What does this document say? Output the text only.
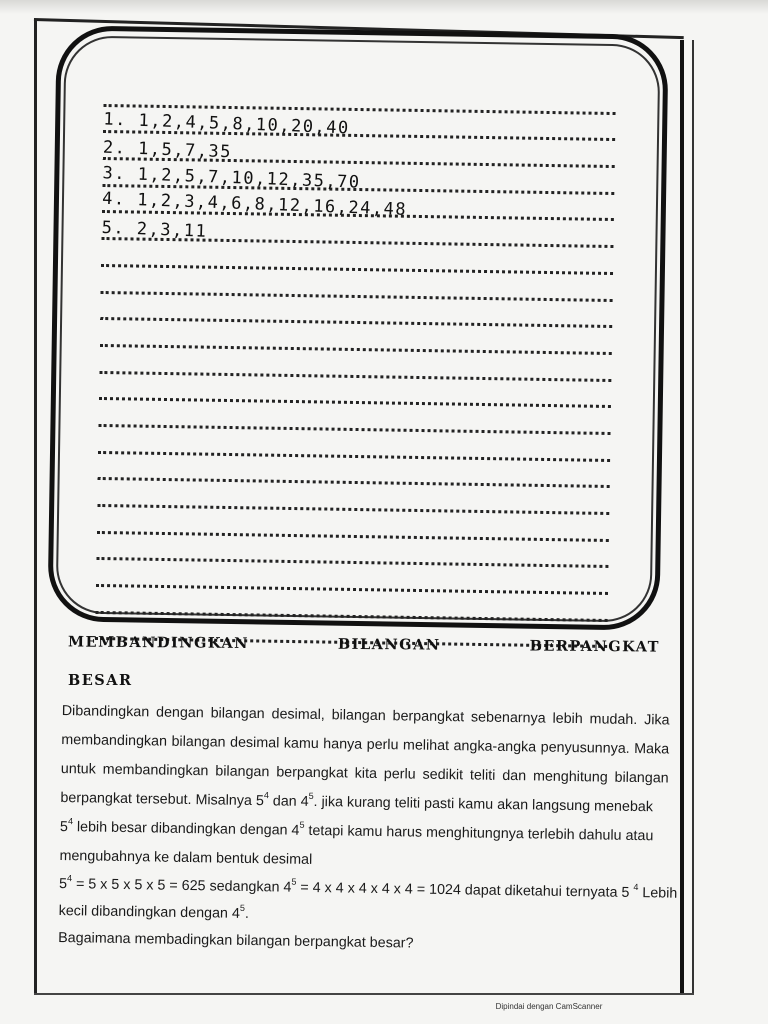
1. 1,2,4,5,8,10,20,40
2. 1,5,7,35
3. 1,2,5,7,10,12,35,70
4. 1,2,3,4,6,8,12,16,24,48
5. 2,3,11
MEMBANDINGKAN	BILANGAN	BERPANGKAT
BESAR
Dibandingkan dengan bilangan desimal, bilangan berpangkat sebenarnya lebih mudah. Jika
membandingkan bilangan desimal kamu hanya perlu melihat angka-angka penyusunnya. Maka
untuk membandingkan bilangan berpangkat kita perlu sedikit teliti dan menghitung bilangan
berpangkat tersebut. Misalnya $5^4$ dan $4^5$. jika kurang teliti pasti kamu akan langsung menebak
$5^4$ lebih besar dibandingkan dengan $4^5$ tetapi kamu harus menghitungnya terlebih dahulu atau
mengubahnya ke dalam bentuk desimal
$5^4 = 5$ x 5 x 5 x 5 = 625 sedangkan $4^5 = 4$ x 4 x 4 x 4 x 4 = 1024 dapat diketahui ternyata 5 $^4$ Lebih
kecil dibandingkan dengan $4^5$.
Bagaimana membadingkan bilangan berpangkat besar?
Dipindai dengan CamScanner
